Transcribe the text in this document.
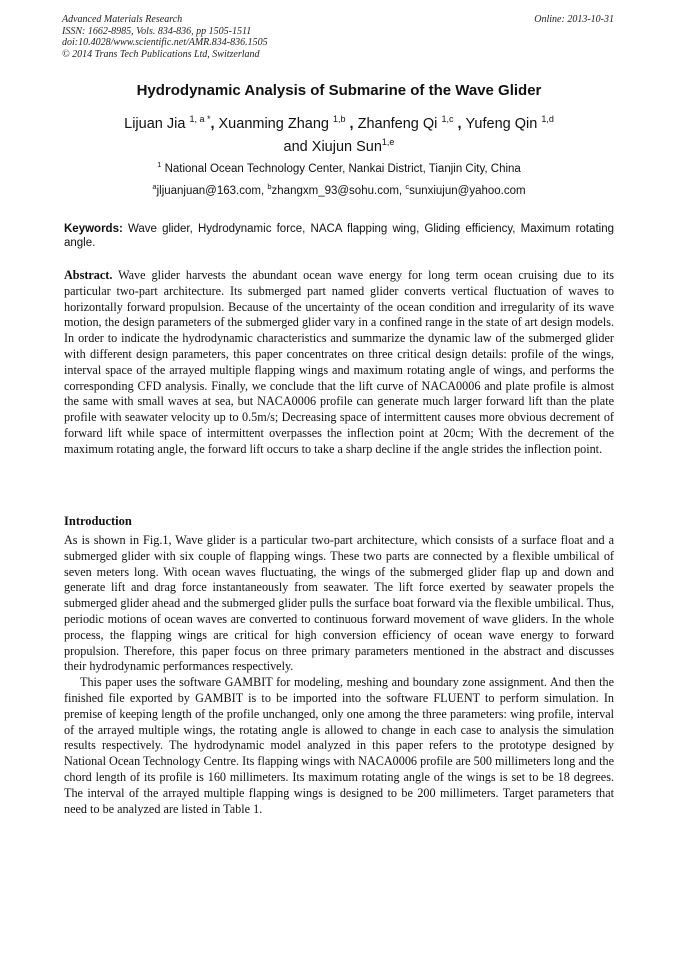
Advanced Materials Research
ISSN: 1662-8985, Vols. 834-836, pp 1505-1511
doi:10.4028/www.scientific.net/AMR.834-836.1505
© 2014 Trans Tech Publications Ltd, Switzerland
Online: 2013-10-31
Hydrodynamic Analysis of Submarine of the Wave Glider
Lijuan Jia $^{1, a *}$, Xuanming Zhang $^{1,b}$ , Zhanfeng Qi $^{1,c}$ , Yufeng Qin $^{1,d}$
and Xiujun Sun$^{1,e}$
$^1$ National Ocean Technology Center, Nankai District, Tianjin City, China
$^a$jljuanjuan@163.com, $^b$zhangxm_93@sohu.com, $^c$sunxiujun@yahoo.com
Keywords: Wave glider, Hydrodynamic force, NACA flapping wing, Gliding efficiency, Maximum rotating angle.

Abstract. Wave glider harvests the abundant ocean wave energy for long term ocean cruising due to its particular two-part architecture. Its submerged part named glider converts vertical fluctuation of waves to horizontally forward propulsion. Because of the uncertainty of the ocean condition and irregularity of its wave motion, the design parameters of the submerged glider vary in a confined range in the state of art design models. In order to indicate the hydrodynamic characteristics and summarize the dynamic law of the submerged glider with different design parameters, this paper concentrates on three critical design details: profile of the wings, interval space of the arrayed multiple flapping wings and maximum rotating angle of wings, and performs the corresponding CFD analysis. Finally, we conclude that the lift curve of NACA0006 and plate profile is almost the same with small waves at sea, but NACA0006 profile can generate much larger forward lift than the plate profile with seawater velocity up to 0.5m/s; Decreasing space of intermittent causes more obvious decrement of forward lift while space of intermittent overpasses the inflection point at 20cm; With the decrement of the maximum rotating angle, the forward lift occurs to take a sharp decline if the angle strides the inflection point.

Introduction

As is shown in Fig.1, Wave glider is a particular two-part architecture, which consists of a surface float and a submerged glider with six couple of flapping wings. These two parts are connected by a flexible umbilical of seven meters long. With ocean waves fluctuating, the wings of the submerged glider flap up and down and generate lift and drag force instantaneously from seawater. The lift force exerted by seawater propels the submerged glider ahead and the submerged glider pulls the surface boat forward via the flexible umbilical. Thus, periodic motions of ocean waves are converted to continuous forward movement of wave gliders. In the whole process, the flapping wings are critical for high conversion efficiency of ocean wave energy to forward propulsion. Therefore, this paper focus on three primary parameters mentioned in the abstract and discusses their hydrodynamic performances respectively.

This paper uses the software GAMBIT for modeling, meshing and boundary zone assignment. And then the finished file exported by GAMBIT is to be imported into the software FLUENT to perform simulation. In premise of keeping length of the profile unchanged, only one among the three parameters: wing profile, interval of the arrayed multiple wings, the rotating angle is allowed to change in each case to analysis the simulation results respectively. The hydrodynamic model analyzed in this paper refers to the prototype designed by National Ocean Technology Centre. Its flapping wings with NACA0006 profile are 500 millimeters long and the chord length of its profile is 160 millimeters. Its maximum rotating angle of the wings is set to be 18 degrees. The interval of the arrayed multiple flapping wings is designed to be 200 millimeters. Target parameters that need to be analyzed are listed in Table 1.
